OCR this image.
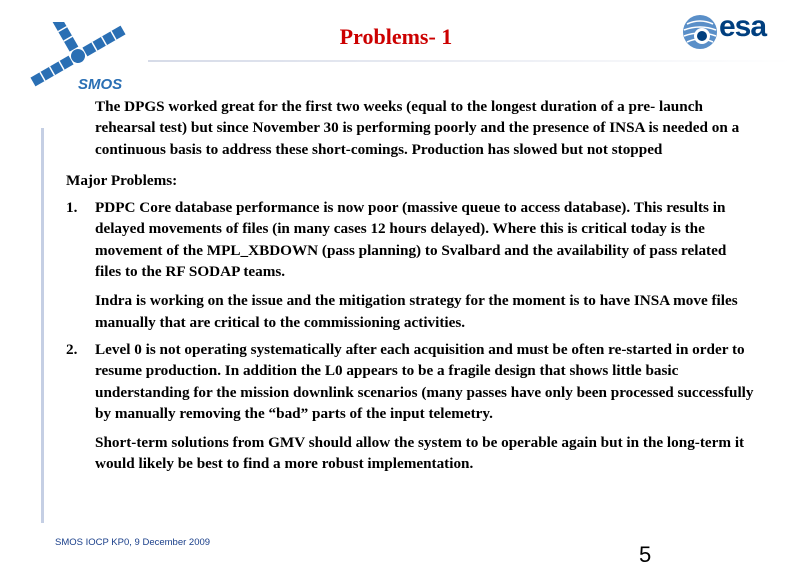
SMOS
esa
Problems- 1

The DPGS worked great for the first two weeks (equal to the longest duration of a pre- launch rehearsal test) but since November 30 is performing poorly and the presence of INSA is needed on a continuous basis to address these short-comings. Production has slowed but not stopped

Major Problems:

1. PDPC Core database performance is now poor (massive queue to access database). This results in delayed movements of files (in many cases 12 hours delayed). Where this is critical today is the movement of the MPL_XBDOWN (pass planning) to Svalbard and the availability of pass related files to the RF SODAP teams.

Indra is working on the issue and the mitigation strategy for the moment is to have INSA move files manually that are critical to the commissioning activities.

2. Level 0 is not operating systematically after each acquisition and must be often re-started in order to resume production. In addition the L0 appears to be a fragile design that shows little basic understanding for the mission downlink scenarios (many passes have only been processed successfully by manually removing the “bad” parts of the input telemetry.

Short-term solutions from GMV should allow the system to be operable again but in the long-term it would likely be best to find a more robust implementation.

SMOS IOCP KP0, 9 December 2009	5
